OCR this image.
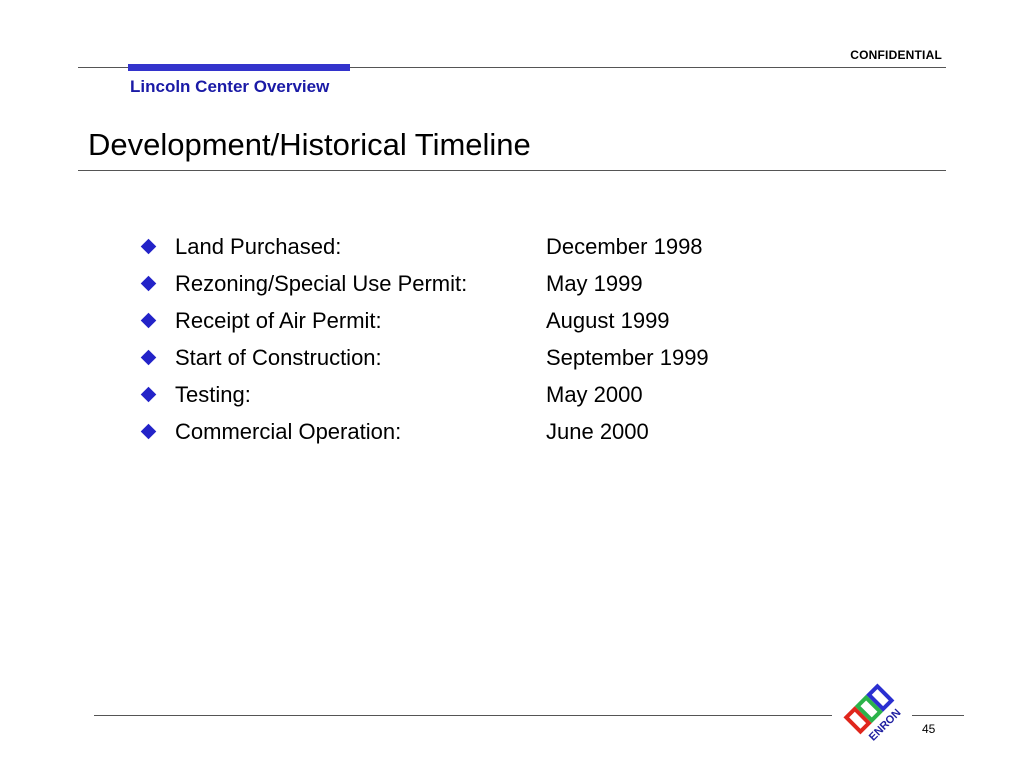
CONFIDENTIAL
Lincoln Center Overview
Development/Historical Timeline
Land Purchased:	December 1998
Rezoning/Special Use Permit:	May 1999
Receipt of Air Permit:	August 1999
Start of Construction:	September 1999
Testing:	May 2000
Commercial Operation:	June 2000
ENRON 45
